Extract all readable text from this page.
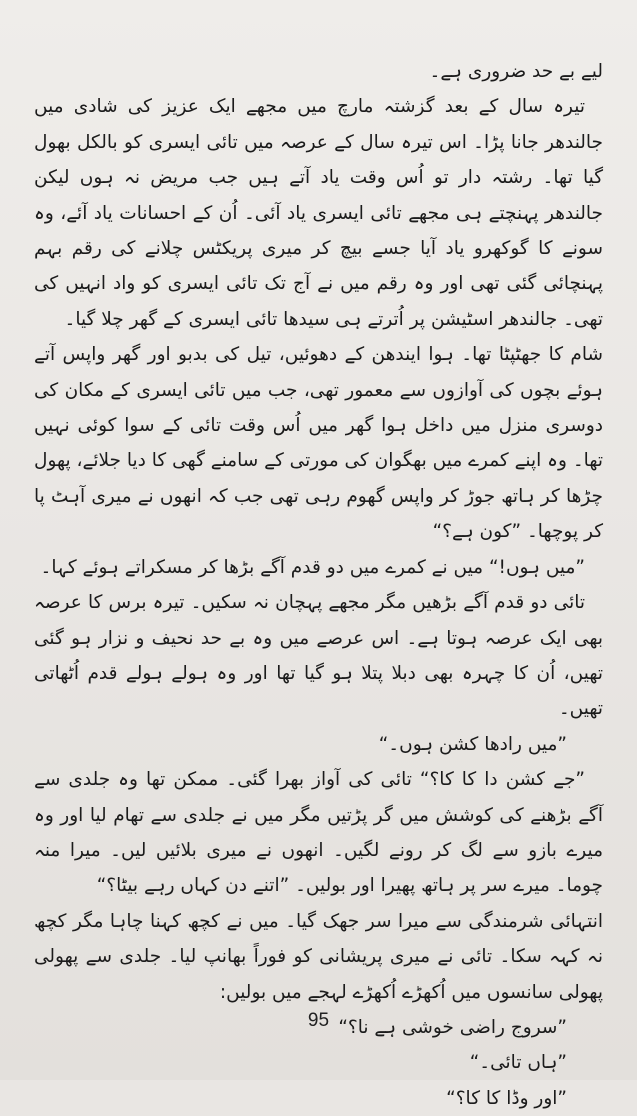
لیے بے حد ضروری ہے۔

تیرہ سال کے بعد گزشتہ مارچ میں مجھے ایک عزیز کی شادی میں جالندھر جانا پڑا۔ اس تیرہ سال کے عرصہ میں تائی ایسری کو بالکل بھول گیا تھا۔ رشتہ دار تو اُس وقت یاد آتے ہیں جب مریض نہ ہوں لیکن جالندھر پہنچتے ہی مجھے تائی ایسری یاد آئی۔ اُن کے احسانات یاد آئے، وہ سونے کا گوکھرو یاد آیا جسے بیچ کر میری پریکٹس چلانے کی رقم بہم پہنچائی گئی تھی اور وہ رقم میں نے آج تک تائی ایسری کو واد انہیں کی تھی۔ جالندھر اسٹیشن پر اُترتے ہی سیدھا تائی ایسری کے گھر چلا گیا۔

شام کا جھٹپٹا تھا۔ ہوا ایندھن کے دھوئیں، تیل کی بدبو اور گھر واپس آتے ہوئے بچوں کی آوازوں سے معمور تھی، جب میں تائی ایسری کے مکان کی دوسری منزل میں داخل ہوا گھر میں اُس وقت تائی کے سوا کوئی نہیں تھا۔ وہ اپنے کمرے میں بھگوان کی مورتی کے سامنے گھی کا دیا جلائے، پھول چڑھا کر ہاتھ جوڑ کر واپس گھوم رہی تھی جب کہ انھوں نے میری آہٹ پا کر پوچھا۔ ”کون ہے؟“

”میں ہوں!“ میں نے کمرے میں دو قدم آگے بڑھا کر مسکراتے ہوئے کہا۔

تائی دو قدم آگے بڑھیں مگر مجھے پہچان نہ سکیں۔ تیرہ برس کا عرصہ بھی ایک عرصہ ہوتا ہے۔ اس عرصے میں وہ بے حد نحیف و نزار ہو گئی تھیں، اُن کا چہرہ بھی دبلا پتلا ہو گیا تھا اور وہ ہولے ہولے قدم اُٹھاتی تھیں۔

”میں رادھا کشن ہوں۔“

”جے کشن دا کا کا؟“ تائی کی آواز بھرا گئی۔ ممکن تھا وہ جلدی سے آگے بڑھنے کی کوشش میں گر پڑتیں مگر میں نے جلدی سے تھام لیا اور وہ میرے بازو سے لگ کر رونے لگیں۔ انھوں نے میری بلائیں لیں۔ میرا منہ چوما۔ میرے سر پر ہاتھ پھیرا اور بولیں۔ ”اتنے دن کہاں رہے بیٹا؟“

انتہائی شرمندگی سے میرا سر جھک گیا۔ میں نے کچھ کہنا چاہا مگر کچھ نہ کہہ سکا۔ تائی نے میری پریشانی کو فوراً بھانپ لیا۔ جلدی سے پھولی پھولی سانسوں میں اُکھڑے اُکھڑے لہجے میں بولیں:

”سروج راضی خوشی ہے نا؟“

”ہاں تائی۔“

”اور وڈا کا کا؟“

95
